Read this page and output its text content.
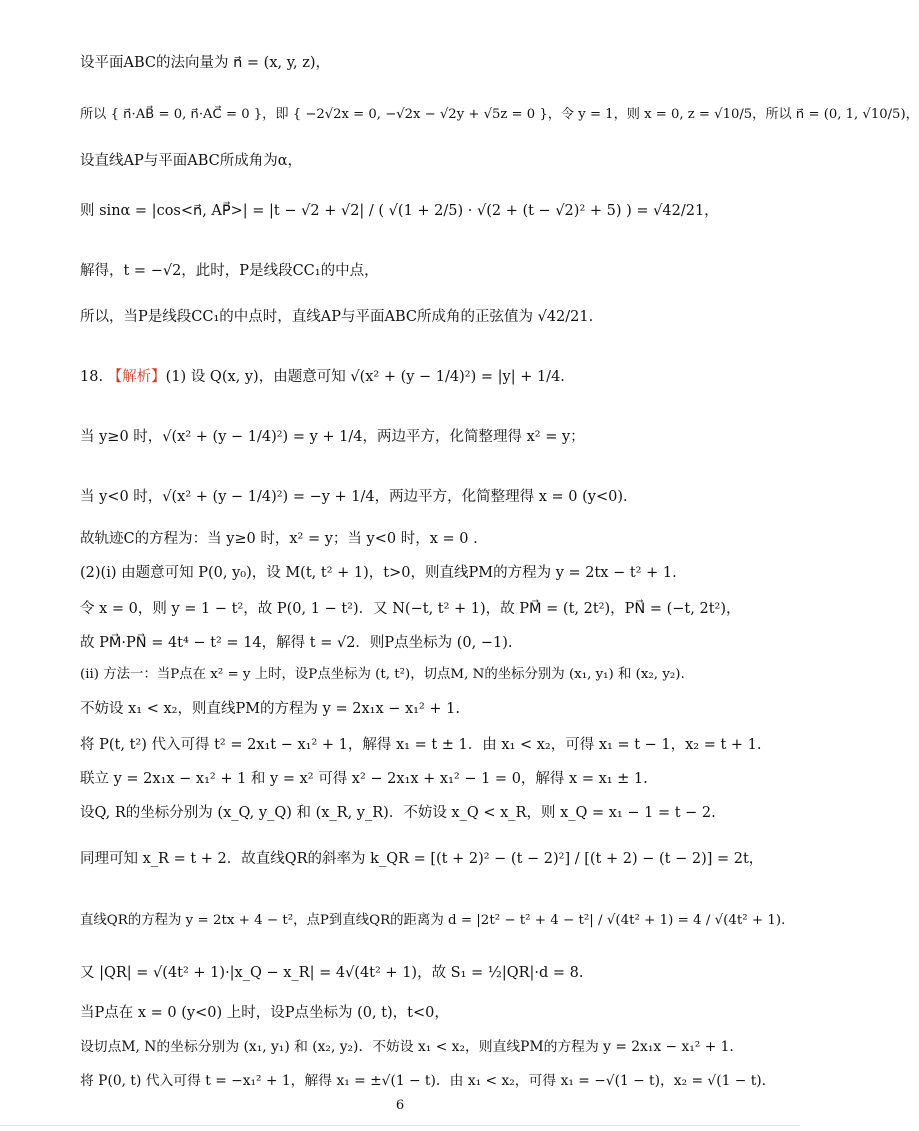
设平面ABC的法向量为 n⃗ = (x, y, z)，
所以 { n⃗·AB⃗ = 0, n⃗·AC⃗ = 0 }，即 { −2√2x = 0, −√2x − √2y + √5z = 0 }，令 y = 1，则 x = 0, z = √10/5，所以 n⃗ = (0, 1, √10/5)，
设直线AP与平面ABC所成角为α，
则 sinα = |cos<n⃗, AP⃗>| = |t − √2 + √2| / ( √(1 + 2/5) · √(2 + (t − √2)² + 5) ) = √42/21，
解得，t = −√2，此时，P是线段CC₁的中点，
所以，当P是线段CC₁的中点时，直线AP与平面ABC所成角的正弦值为 √42/21.
18. 【解析】(1) 设 Q(x, y)，由题意可知 √(x² + (y − 1/4)²) = |y| + 1/4.
当 y≥0 时，√(x² + (y − 1/4)²) = y + 1/4，两边平方，化简整理得 x² = y；
当 y<0 时，√(x² + (y − 1/4)²) = −y + 1/4，两边平方，化简整理得 x = 0 (y<0).
故轨迹C的方程为：当 y≥0 时，x² = y；当 y<0 时，x = 0 .
(2)(i) 由题意可知 P(0, y₀)，设 M(t, t² + 1)，t>0，则直线PM的方程为 y = 2tx − t² + 1.
令 x = 0，则 y = 1 − t²，故 P(0, 1 − t²)．又 N(−t, t² + 1)，故 PM⃗ = (t, 2t²)，PN⃗ = (−t, 2t²)，
故 PM⃗·PN⃗ = 4t⁴ − t² = 14，解得 t = √2．则P点坐标为 (0, −1).
(ii) 方法一：当P点在 x² = y 上时，设P点坐标为 (t, t²)，切点M, N的坐标分别为 (x₁, y₁) 和 (x₂, y₂).
不妨设 x₁ < x₂，则直线PM的方程为 y = 2x₁x − x₁² + 1.
将 P(t, t²) 代入可得 t² = 2x₁t − x₁² + 1，解得 x₁ = t ± 1．由 x₁ < x₂，可得 x₁ = t − 1，x₂ = t + 1.
联立 y = 2x₁x − x₁² + 1 和 y = x² 可得 x² − 2x₁x + x₁² − 1 = 0，解得 x = x₁ ± 1.
设Q, R的坐标分别为 (x_Q, y_Q) 和 (x_R, y_R)．不妨设 x_Q < x_R，则 x_Q = x₁ − 1 = t − 2.
同理可知 x_R = t + 2．故直线QR的斜率为 k_QR = [(t + 2)² − (t − 2)²] / [(t + 2) − (t − 2)] = 2t，
直线QR的方程为 y = 2tx + 4 − t²，点P到直线QR的距离为 d = |2t² − t² + 4 − t²| / √(4t² + 1) = 4 / √(4t² + 1).
又 |QR| = √(4t² + 1)·|x_Q − x_R| = 4√(4t² + 1)，故 S₁ = ½|QR|·d = 8.
当P点在 x = 0 (y<0) 上时，设P点坐标为 (0, t)，t<0，
设切点M, N的坐标分别为 (x₁, y₁) 和 (x₂, y₂)．不妨设 x₁ < x₂，则直线PM的方程为 y = 2x₁x − x₁² + 1.
将 P(0, t) 代入可得 t = −x₁² + 1，解得 x₁ = ±√(1 − t)．由 x₁ < x₂，可得 x₁ = −√(1 − t)，x₂ = √(1 − t).
6
